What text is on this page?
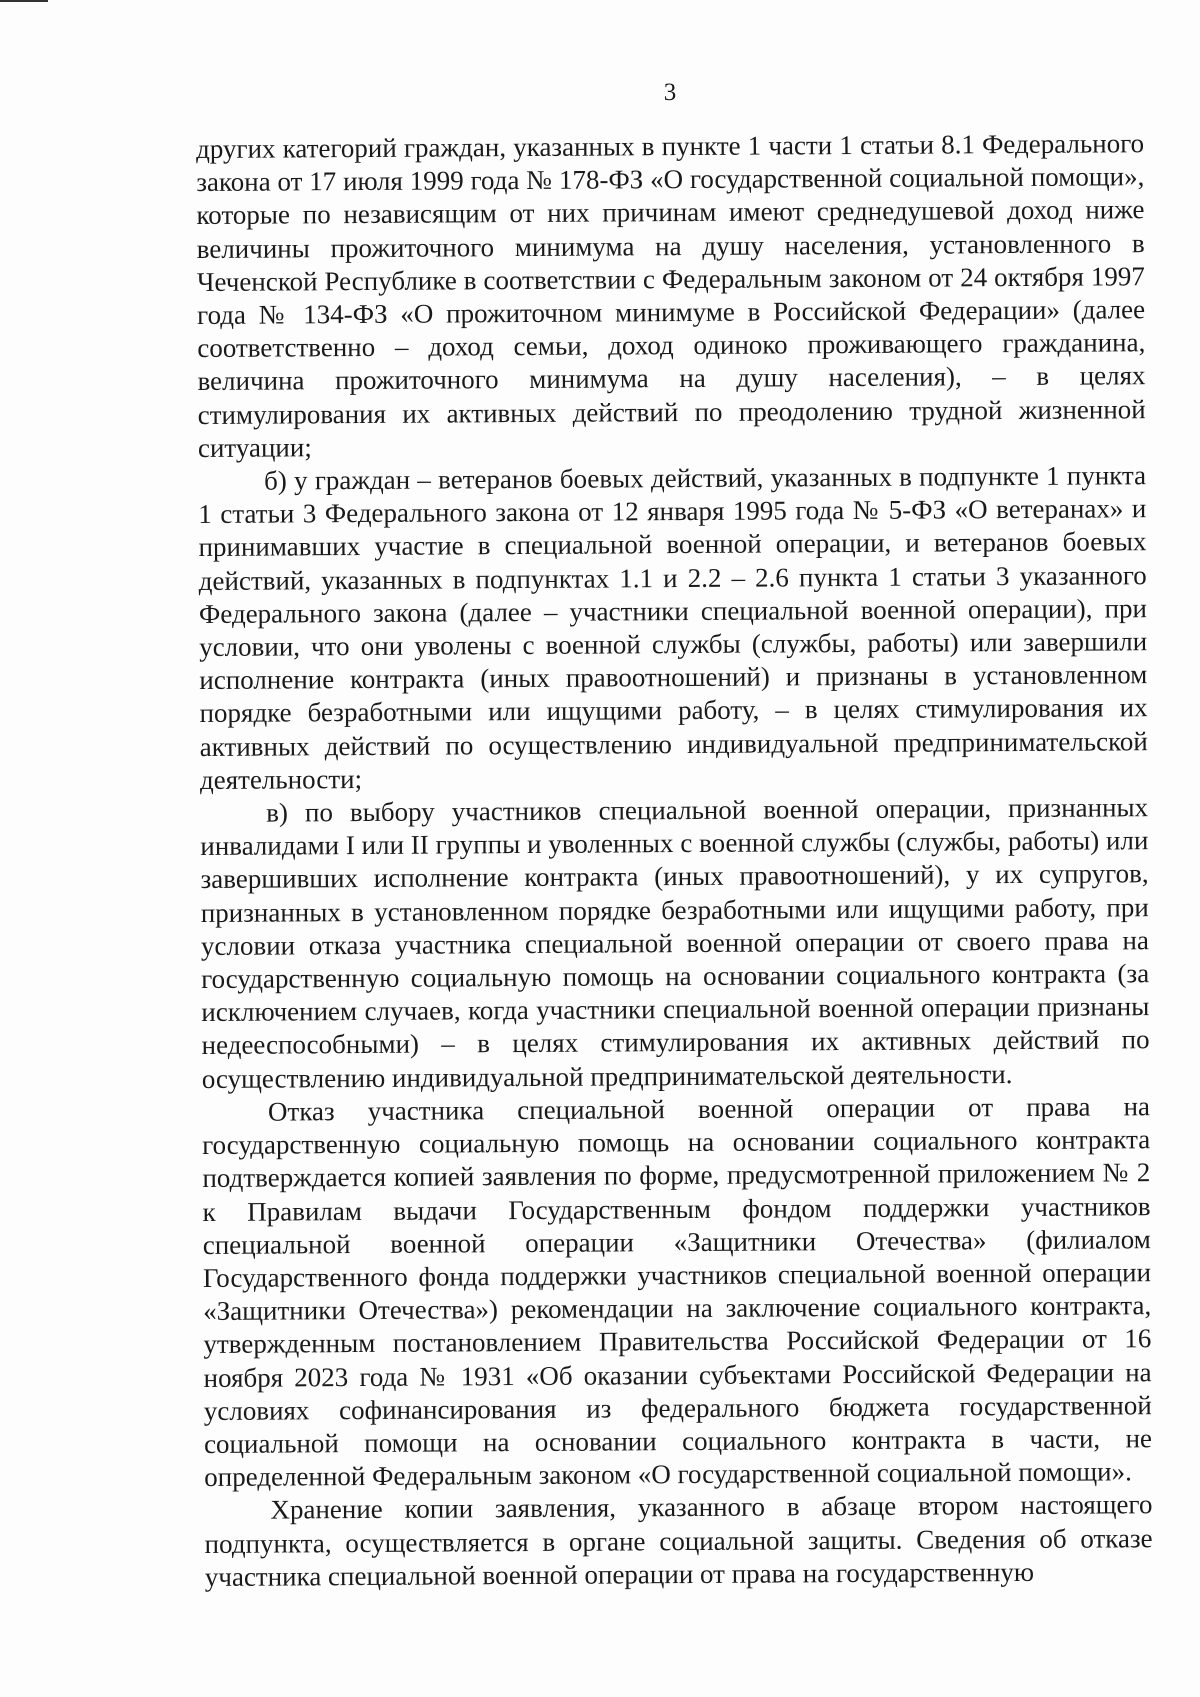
3

других категорий граждан, указанных в пункте 1 части 1 статьи 8.1 Федерального закона от 17 июля 1999 года № 178-ФЗ «О государственной социальной помощи», которые по независящим от них причинам имеют среднедушевой доход ниже величины прожиточного минимума на душу населения, установленного в Чеченской Республике в соответствии с Федеральным законом от 24 октября 1997 года № 134-ФЗ «О прожиточном минимуме в Российской Федерации» (далее соответственно – доход семьи, доход одиноко проживающего гражданина, величина прожиточного минимума на душу населения), – в целях стимулирования их активных действий по преодолению трудной жизненной ситуации;

б) у граждан – ветеранов боевых действий, указанных в подпункте 1 пункта 1 статьи 3 Федерального закона от 12 января 1995 года № 5-ФЗ «О ветеранах» и принимавших участие в специальной военной операции, и ветеранов боевых действий, указанных в подпунктах 1.1 и 2.2 – 2.6 пункта 1 статьи 3 указанного Федерального закона (далее – участники специальной военной операции), при условии, что они уволены с военной службы (службы, работы) или завершили исполнение контракта (иных правоотношений) и признаны в установленном порядке безработными или ищущими работу, – в целях стимулирования их активных действий по осуществлению индивидуальной предпринимательской деятельности;

в) по выбору участников специальной военной операции, признанных инвалидами I или II группы и уволенных с военной службы (службы, работы) или завершивших исполнение контракта (иных правоотношений), у их супругов, признанных в установленном порядке безработными или ищущими работу, при условии отказа участника специальной военной операции от своего права на государственную социальную помощь на основании социального контракта (за исключением случаев, когда участники специальной военной операции признаны недееспособными) – в целях стимулирования их активных действий по осуществлению индивидуальной предпринимательской деятельности.

Отказ участника специальной военной операции от права на государственную социальную помощь на основании социального контракта подтверждается копией заявления по форме, предусмотренной приложением № 2 к Правилам выдачи Государственным фондом поддержки участников специальной военной операции «Защитники Отечества» (филиалом Государственного фонда поддержки участников специальной военной операции «Защитники Отечества») рекомендации на заключение социального контракта, утвержденным постановлением Правительства Российской Федерации от 16 ноября 2023 года № 1931 «Об оказании субъектами Российской Федерации на условиях софинансирования из федерального бюджета государственной социальной помощи на основании социального контракта в части, не определенной Федеральным законом «О государственной социальной помощи».

Хранение копии заявления, указанного в абзаце втором настоящего подпункта, осуществляется в органе социальной защиты. Сведения об отказе участника специальной военной операции от права на государственную
